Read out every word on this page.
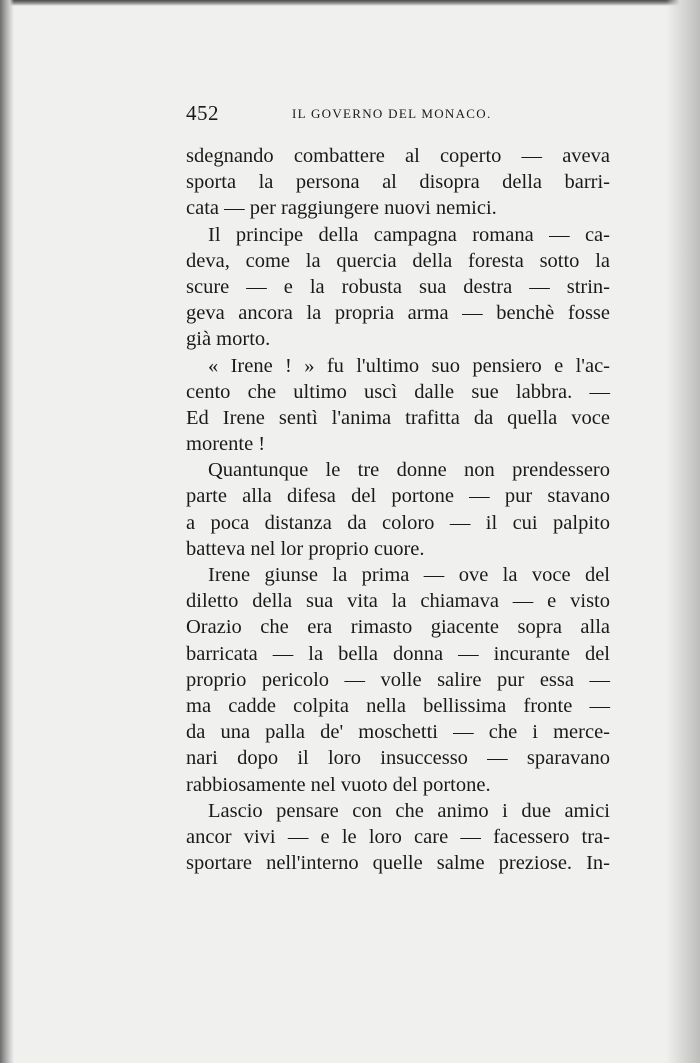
452	IL GOVERNO DEL MONACO.
sdegnando combattere al coperto — aveva
sporta la persona al disopra della barri-
cata — per raggiungere nuovi nemici.
Il principe della campagna romana — ca-
deva, come la quercia della foresta sotto la
scure — e la robusta sua destra — strin-
geva ancora la propria arma — benchè fosse
già morto.
« Irene ! » fu l'ultimo suo pensiero e l'ac-
cento che ultimo uscì dalle sue labbra. —
Ed Irene sentì l'anima trafitta da quella voce
morente !
Quantunque le tre donne non prendessero
parte alla difesa del portone — pur stavano
a poca distanza da coloro — il cui palpito
batteva nel lor proprio cuore.
Irene giunse la prima — ove la voce del
diletto della sua vita la chiamava — e visto
Orazio che era rimasto giacente sopra alla
barricata — la bella donna — incurante del
proprio pericolo — volle salire pur essa —
ma cadde colpita nella bellissima fronte —
da una palla de' moschetti — che i merce-
nari dopo il loro insuccesso — sparavano
rabbiosamente nel vuoto del portone.
Lascio pensare con che animo i due amici
ancor vivi — e le loro care — facessero tra-
sportare nell'interno quelle salme preziose. In-
